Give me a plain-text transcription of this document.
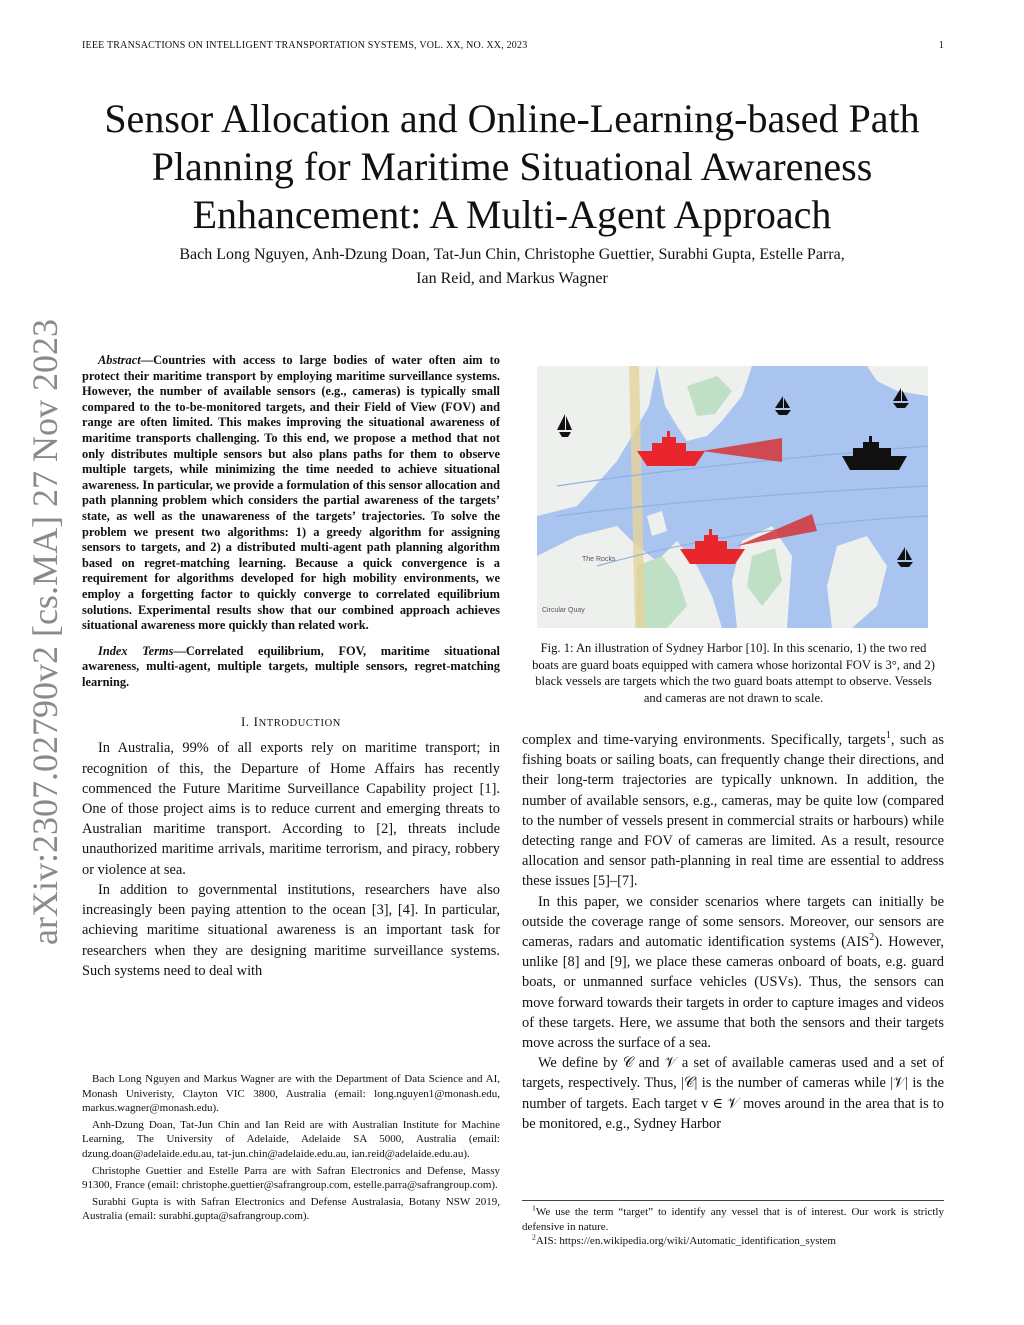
IEEE TRANSACTIONS ON INTELLIGENT TRANSPORTATION SYSTEMS, VOL. XX, NO. XX, 2023	1
Sensor Allocation and Online-Learning-based Path
Planning for Maritime Situational Awareness
Enhancement: A Multi-Agent Approach
Bach Long Nguyen, Anh-Dzung Doan, Tat-Jun Chin, Christophe Guettier, Surabhi Gupta, Estelle Parra,
Ian Reid, and Markus Wagner
arXiv:2307.02790v2 [cs.MA] 27 Nov 2023	Abstract—Countries with access to large bodies of water often aim to protect their maritime transport by employing maritime surveillance systems. However, the number of available sensors (e.g., cameras) is typically small compared to the to-be-monitored targets, and their Field of View (FOV) and range are often limited. This makes improving the situational awareness of maritime transports challenging. To this end, we propose a method that not only distributes multiple sensors but also plans paths for them to observe multiple targets, while minimizing the time needed to achieve situational awareness. In particular, we provide a formulation of this sensor allocation and path planning problem which considers the partial awareness of the targets’ state, as well as the unawareness of the targets’ trajectories. To solve the problem we present two algorithms: 1) a greedy algorithm for assigning sensors to targets, and 2) a distributed multi-agent path planning algorithm based on regret-matching learning. Because a quick convergence is a requirement for algorithms developed for high mobility environments, we employ a forgetting factor to quickly converge to correlated equilibrium solutions. Experimental results show that our combined approach achieves situational awareness more quickly than related work.

Index Terms—Correlated equilibrium, FOV, maritime situational awareness, multi-agent, multiple targets, multiple sensors, regret-matching learning.

I. INTRODUCTION

In Australia, 99% of all exports rely on maritime transport; in recognition of this, the Departure of Home Affairs has recently commenced the Future Maritime Surveillance Capability project [1]. One of those project aims is to reduce current and emerging threats to Australian maritime transport. According to [2], threats include unauthorized maritime arrivals, maritime terrorism, and piracy, robbery or violence at sea.

In addition to governmental institutions, researchers have also increasingly been paying attention to the ocean [3], [4]. In particular, achieving maritime situational awareness is an important task for researchers when they are designing maritime surveillance systems. Such systems need to deal with

Bach Long Nguyen and Markus Wagner are with the Department of Data Science and AI, Monash Univeristy, Clayton VIC 3800, Australia (email: long.nguyen1@monash.edu, markus.wagner@monash.edu).

Anh-Dzung Doan, Tat-Jun Chin and Ian Reid are with Australian Institute for Machine Learning, The University of Adelaide, Adelaide SA 5000, Australia (email: dzung.doan@adelaide.edu.au, tat-jun.chin@adelaide.edu.au, ian.reid@adelaide.edu.au).

Christophe Guettier and Estelle Parra are with Safran Electronics and Defense, Massy 91300, France (email: christophe.guettier@safrangroup.com, estelle.parra@safrangroup.com).

Surabhi Gupta is with Safran Electronics and Defense Australasia, Botany NSW 2019, Australia (email: surabhi.gupta@safrangroup.com).

The Rocks
Circular Quay
Fig. 1: An illustration of Sydney Harbor [10]. In this scenario, 1) the two red boats are guard boats equipped with camera whose horizontal FOV is 3°, and 2) black vessels are targets which the two guard boats attempt to observe. Vessels and cameras are not drawn to scale.

complex and time-varying environments. Specifically, targets$^1$, such as fishing boats or sailing boats, can frequently change their directions, and their long-term trajectories are typically unknown. In addition, the number of available sensors, e.g., cameras, may be quite low (compared to the number of vessels present in commercial straits or harbours) while detecting range and FOV of cameras are limited. As a result, resource allocation and sensor path-planning in real time are essential to address these issues [5]–[7].

In this paper, we consider scenarios where targets can initially be outside the coverage range of some sensors. Moreover, our sensors are cameras, radars and automatic identification systems (AIS$^2$). However, unlike [8] and [9], we place these cameras onboard of boats, e.g. guard boats, or unmanned surface vehicles (USVs). Thus, the sensors can move forward towards their targets in order to capture images and videos of these targets. Here, we assume that both the sensors and their targets move across the surface of a sea.

We define by 𝒞 and 𝒱 a set of available cameras used and a set of targets, respectively. Thus, |𝒞| is the number of cameras while |𝒱| is the number of targets. Each target v ∈ 𝒱 moves around in the area that is to be monitored, e.g., Sydney Harbor

$^1$We use the term “target” to identify any vessel that is of interest. Our work is strictly defensive in nature.

$^2$AIS: https://en.wikipedia.org/wiki/Automatic_identification_system
